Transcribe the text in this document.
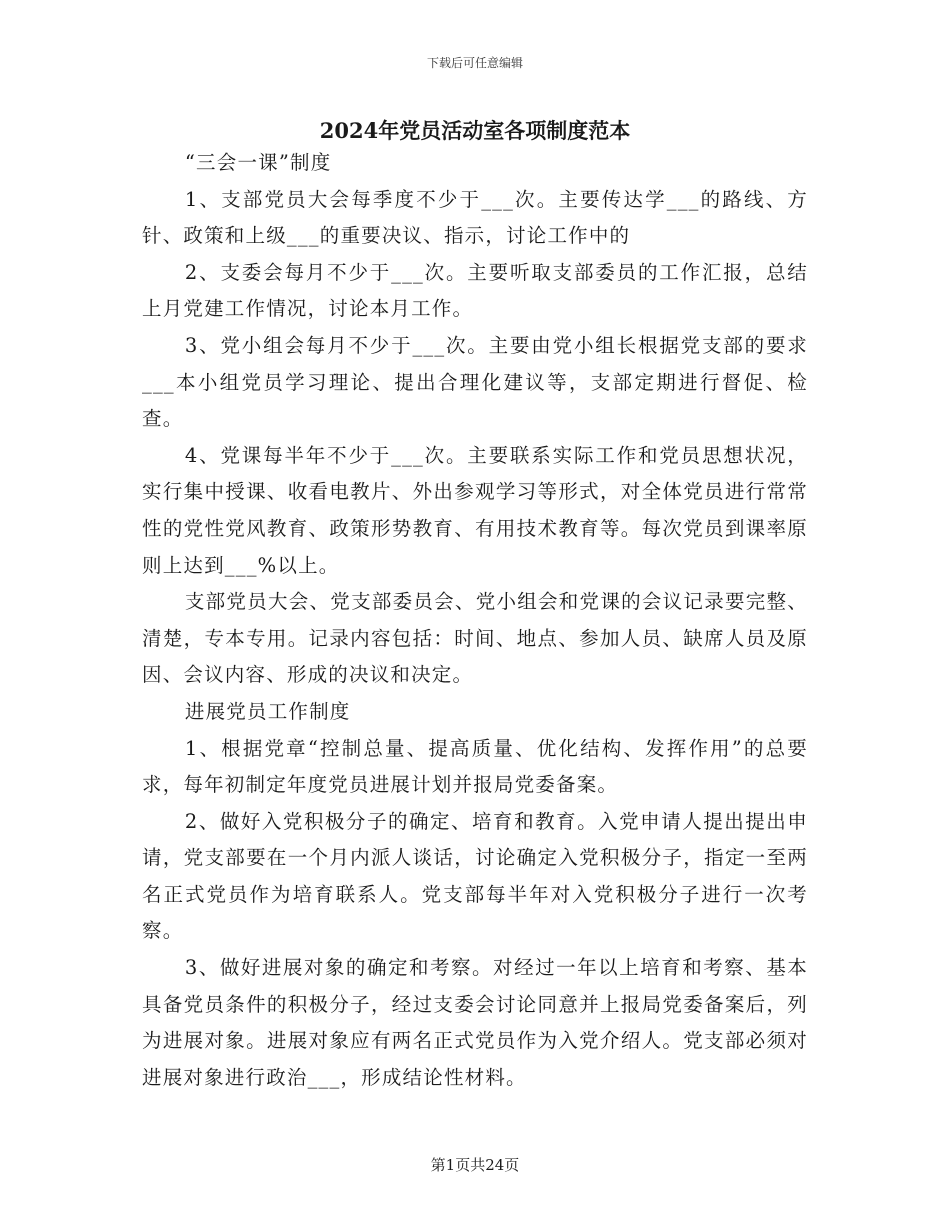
下载后可任意编辑
2024年党员活动室各项制度范本

“三会一课”制度

1、支部党员大会每季度不少于___次。主要传达学___的路线、方针、政策和上级___的重要决议、指示，讨论工作中的

2、支委会每月不少于___次。主要听取支部委员的工作汇报，总结上月党建工作情况，讨论本月工作。

3、党小组会每月不少于___次。主要由党小组长根据党支部的要求___本小组党员学习理论、提出合理化建议等，支部定期进行督促、检查。

4、党课每半年不少于___次。主要联系实际工作和党员思想状况，实行集中授课、收看电教片、外出参观学习等形式，对全体党员进行常常性的党性党风教育、政策形势教育、有用技术教育等。每次党员到课率原则上达到___%以上。

支部党员大会、党支部委员会、党小组会和党课的会议记录要完整、清楚，专本专用。记录内容包括：时间、地点、参加人员、缺席人员及原因、会议内容、形成的决议和决定。

进展党员工作制度

1、根据党章“控制总量、提高质量、优化结构、发挥作用”的总要求，每年初制定年度党员进展计划并报局党委备案。

2、做好入党积极分子的确定、培育和教育。入党申请人提出提出申请，党支部要在一个月内派人谈话，讨论确定入党积极分子，指定一至两名正式党员作为培育联系人。党支部每半年对入党积极分子进行一次考察。

3、做好进展对象的确定和考察。对经过一年以上培育和考察、基本具备党员条件的积极分子，经过支委会讨论同意并上报局党委备案后，列为进展对象。进展对象应有两名正式党员作为入党介绍人。党支部必须对进展对象进行政治___，形成结论性材料。

第1页共24页
